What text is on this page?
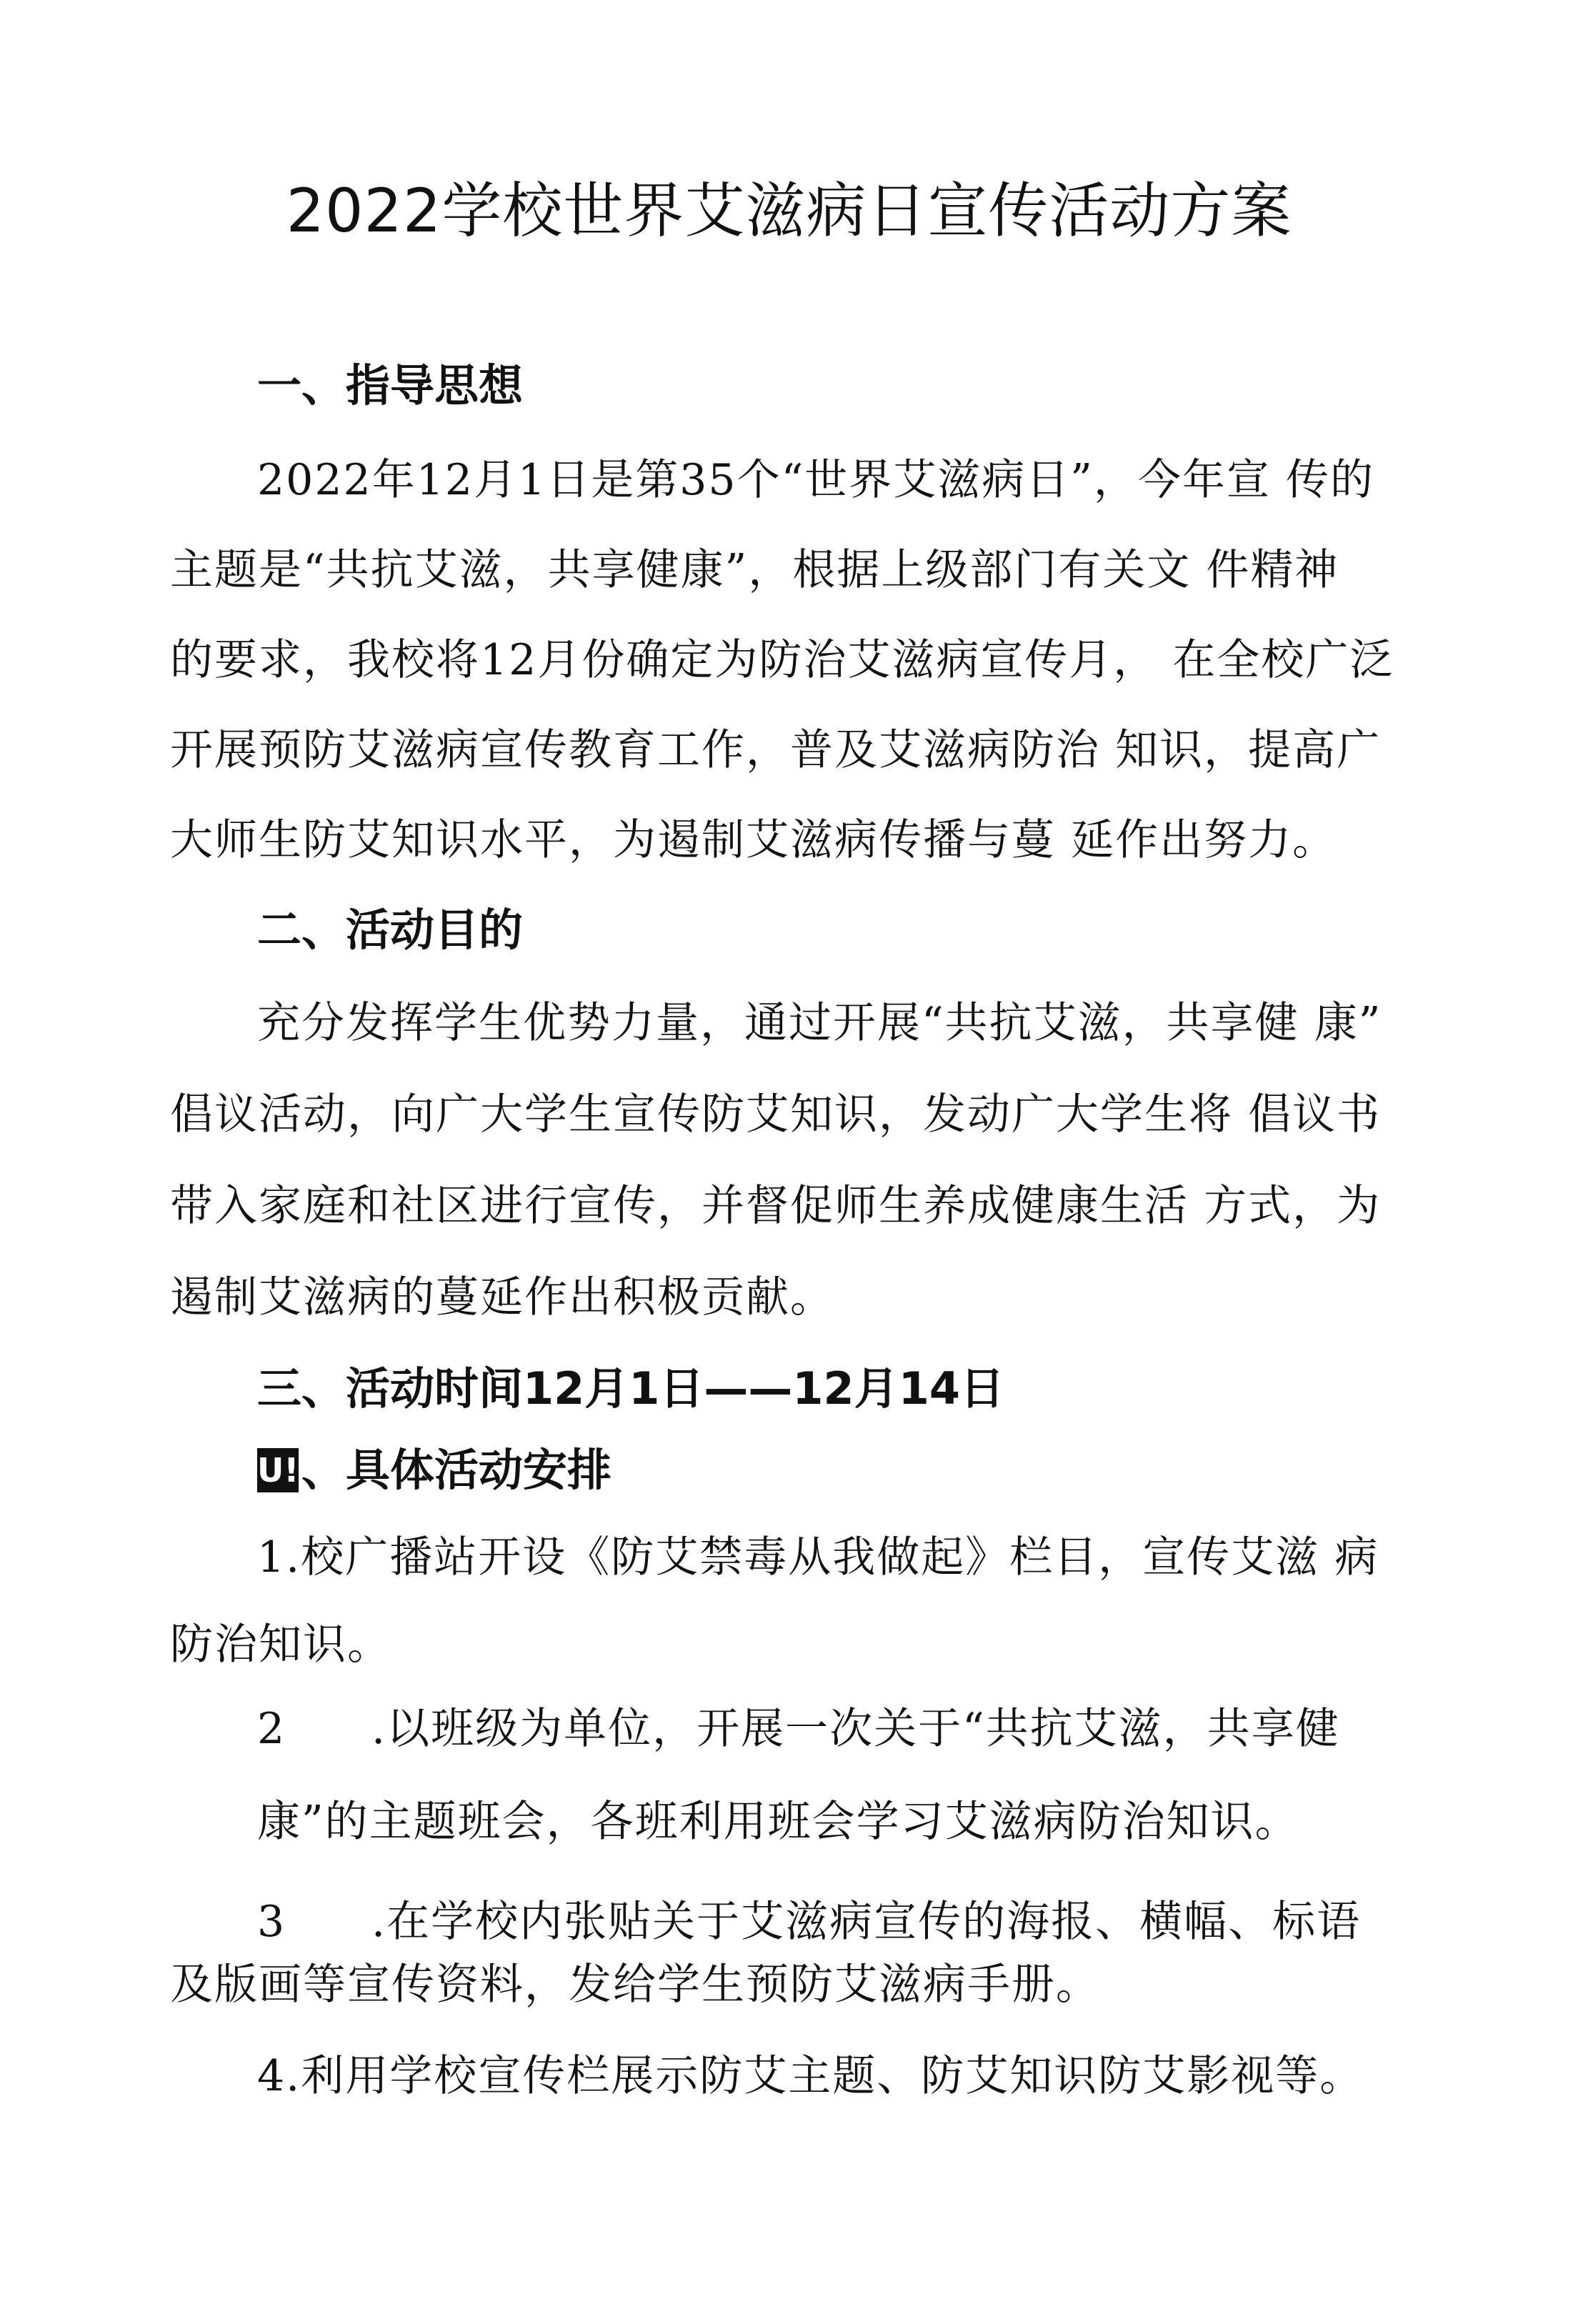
2022学校世界艾滋病日宣传活动方案
一、指导思想
2022年12月1日是第35个“世界艾滋病日”，今年宣 传的
主题是“共抗艾滋，共享健康”，根据上级部门有关文 件精神
的要求，我校将12月份确定为防治艾滋病宣传月， 在全校广泛
开展预防艾滋病宣传教育工作，普及艾滋病防治 知识，提高广
大师生防艾知识水平，为遏制艾滋病传播与蔓 延作出努力。
二、活动目的
充分发挥学生优势力量，通过开展“共抗艾滋，共享健 康”
倡议活动，向广大学生宣传防艾知识，发动广大学生将 倡议书
带入家庭和社区进行宣传，并督促师生养成健康生活 方式，为
遏制艾滋病的蔓延作出积极贡献。
三、活动时间12月1日——12月14日
U!、具体活动安排
1.校广播站开设《防艾禁毒从我做起》栏目，宣传艾滋 病
防治知识。
2 .以班级为单位，开展一次关于“共抗艾滋，共享健
康”的主题班会，各班利用班会学习艾滋病防治知识。
3 .在学校内张贴关于艾滋病宣传的海报、横幅、标语
及版画等宣传资料，发给学生预防艾滋病手册。
4.利用学校宣传栏展示防艾主题、防艾知识防艾影视等。
